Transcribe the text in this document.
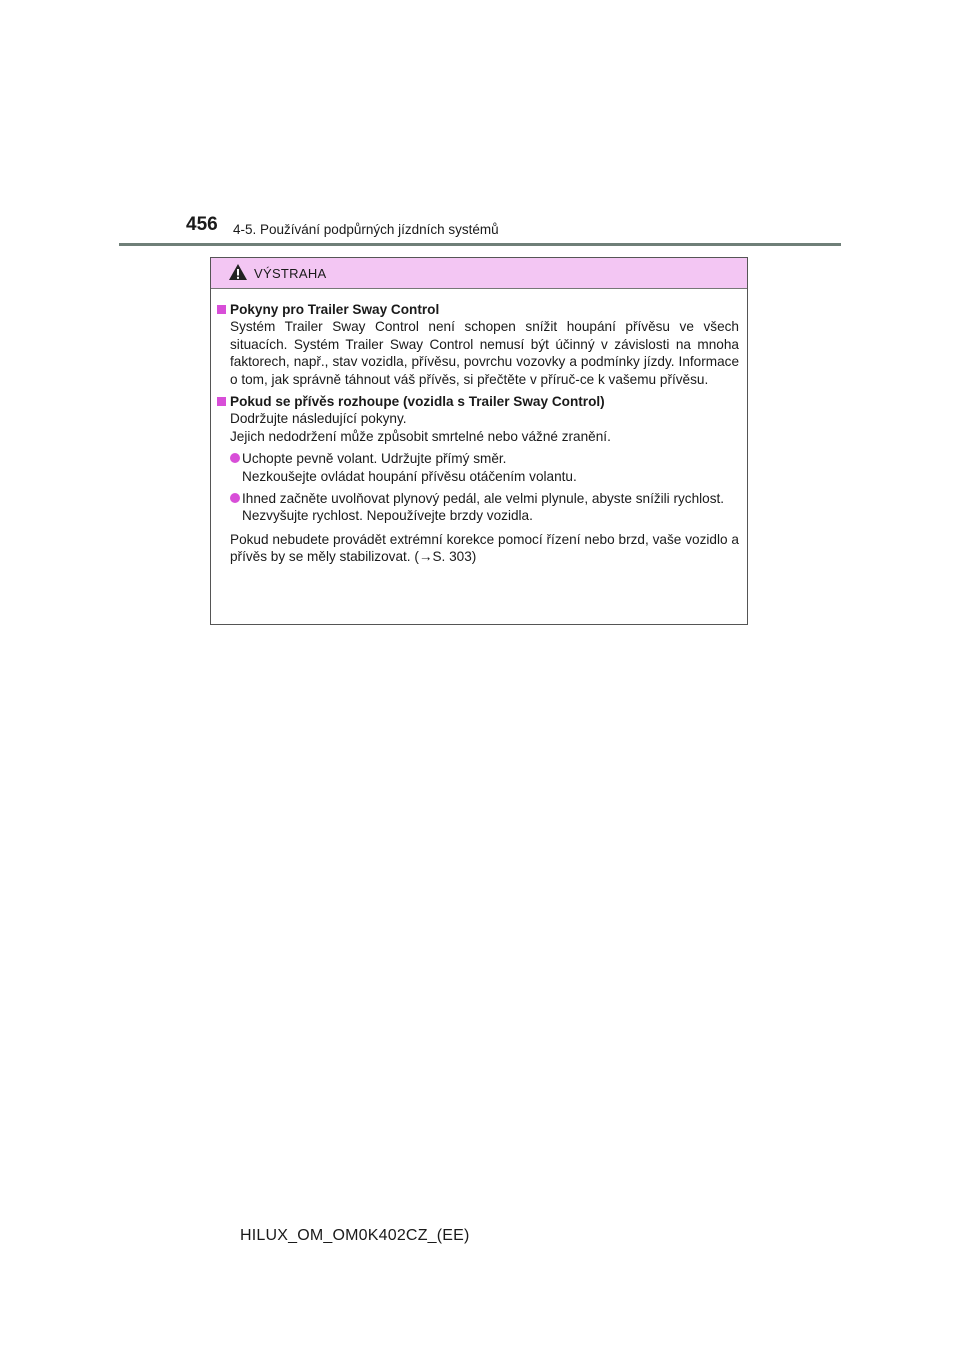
456 4-5. Používání podpůrných jízdních systémů
VÝSTRAHA
Pokyny pro Trailer Sway Control
Systém Trailer Sway Control není schopen snížit houpání přívěsu ve všech situacích. Systém Trailer Sway Control nemusí být účinný v závislosti na mnoha faktorech, např., stav vozidla, přívěsu, povrchu vozovky a podmínky jízdy. Informace o tom, jak správně táhnout váš přívěs, si přečtěte v příruč-ce k vašemu přívěsu.
Pokud se přívěs rozhoupe (vozidla s Trailer Sway Control)
Dodržujte následující pokyny.
Jejich nedodržení může způsobit smrtelné nebo vážné zranění.
Uchopte pevně volant. Udržujte přímý směr.
Nezkoušejte ovládat houpání přívěsu otáčením volantu.
Ihned začněte uvolňovat plynový pedál, ale velmi plynule, abyste snížili rychlost.
Nezvyšujte rychlost. Nepoužívejte brzdy vozidla.
Pokud nebudete provádět extrémní korekce pomocí řízení nebo brzd, vaše vozidlo a přívěs by se měly stabilizovat. (→S. 303)
HILUX_OM_OM0K402CZ_(EE)
